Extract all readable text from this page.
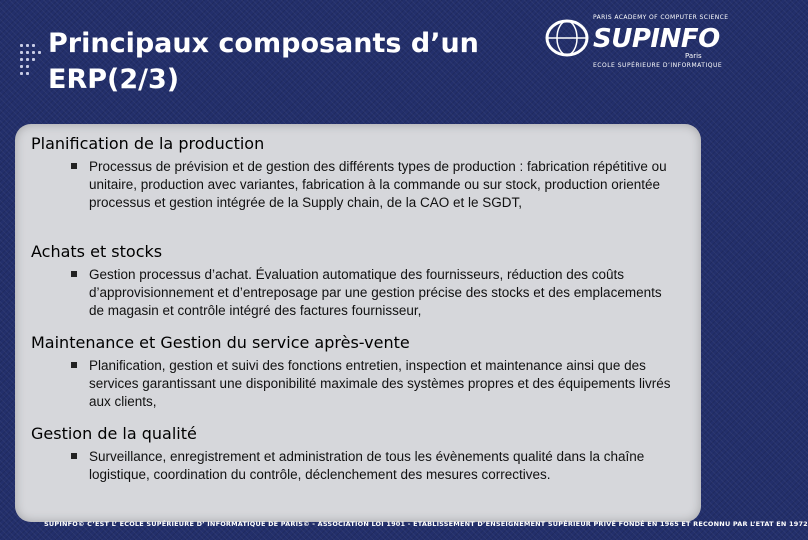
Principaux composants d’un ERP(2/3)
PARIS ACADEMY OF COMPUTER SCIENCE
SUPINFO
Paris
ECOLE SUPÉRIEURE D’INFORMATIQUE
Planification de la production
Processus de prévision et de gestion des différents types de production : fabrication répétitive ou unitaire, production avec variantes, fabrication à la commande ou sur stock, production orientée processus et gestion intégrée de la Supply chain, de la CAO et le SGDT,
Achats et stocks
Gestion processus d’achat. Évaluation automatique des fournisseurs, réduction des coûts d’approvisionnement et d’entreposage par une gestion précise des stocks et des emplacements de magasin et contrôle intégré des factures fournisseur,
Maintenance et Gestion du service après-vente
Planification, gestion et suivi des fonctions entretien, inspection et maintenance ainsi que des services garantissant une disponibilité maximale des systèmes propres et des équipements livrés aux clients,
Gestion de la qualité
Surveillance, enregistrement et administration de tous les évènements qualité dans la chaîne logistique, coordination du contrôle, déclenchement des mesures correctives.
SUPINFO© C’EST L’ ECOLE SUPÉRIEURE D’ INFORMATIQUE DE PARIS© - ASSOCIATION LOI 1901 - ETABLISSEMENT D’ENSEIGNEMENT SUPÉRIEUR PRIVÉ FONDÉ EN 1965 ET RECONNU PAR L’ETAT EN 1972
